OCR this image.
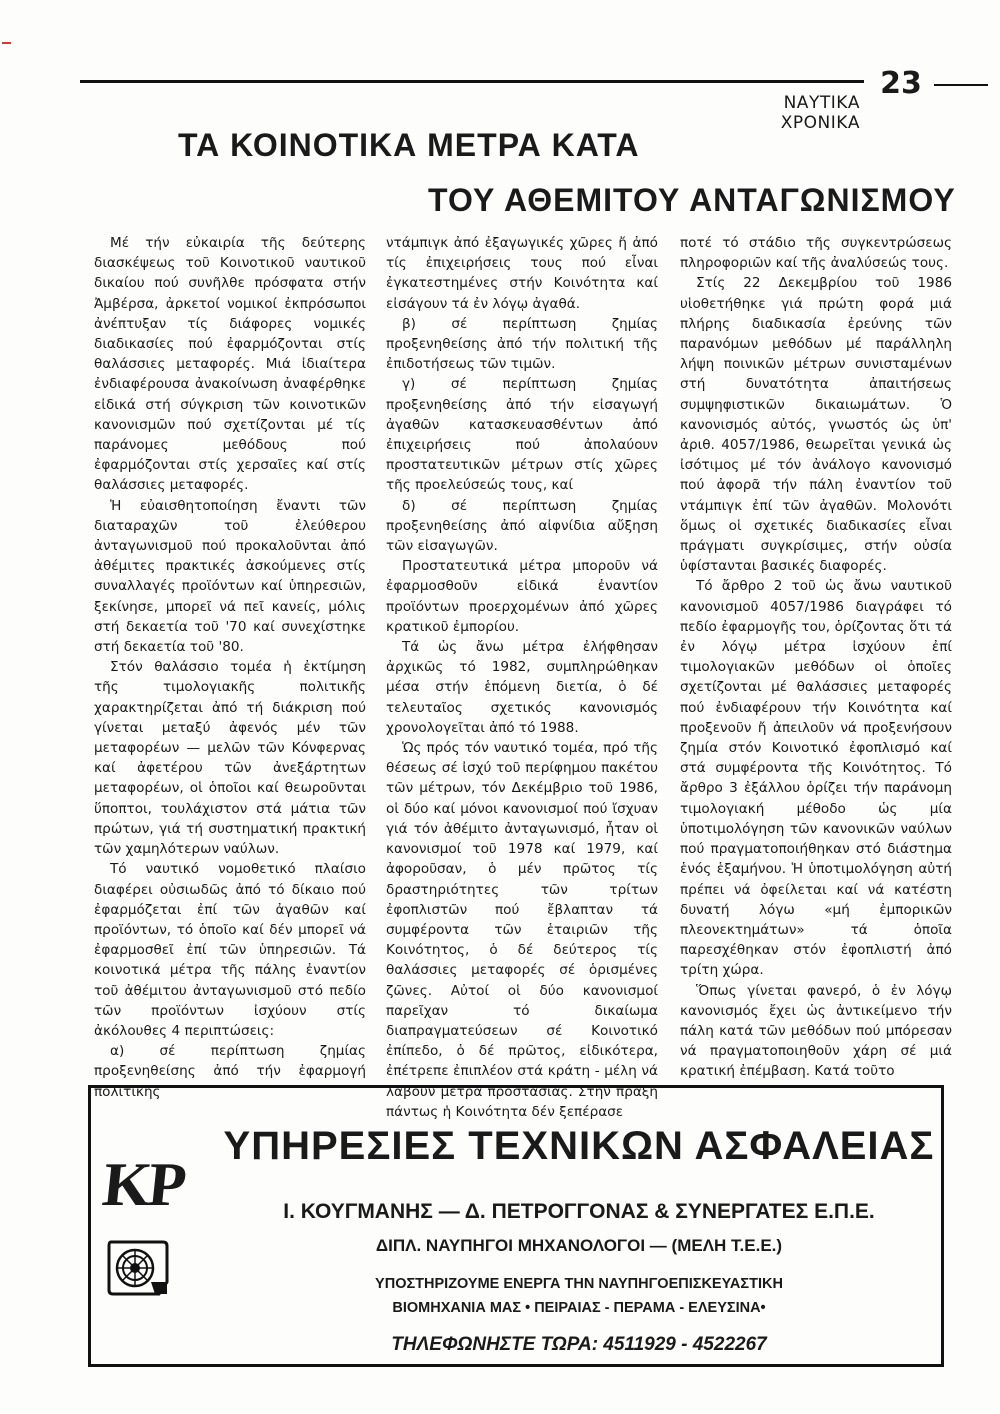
ΝΑΥΤΙΚΑ ΧΡΟΝΙΚΑ
23
ΤΑ ΚΟΙΝΟΤΙΚΑ ΜΕΤΡΑ ΚΑΤΑ
ΤΟΥ ΑΘΕΜΙΤΟΥ ΑΝΤΑΓΩΝΙΣΜΟΥ

Μέ τήν εὐκαιρία τῆς δεύτερης διασκέψεως τοῦ Κοινοτικοῦ ναυτικοῦ δικαίου πού συνῆλθε πρόσφατα στήν Ἀμβέρσα, ἀρκετοί νομικοί ἐκπρόσωποι ἀνέπτυξαν τίς διάφορες νομικές διαδικασίες πού ἐφαρμόζονται στίς θαλάσσιες μεταφορές. Μιά ἰδιαίτερα ἐνδιαφέρουσα ἀνακοίνωση ἀναφέρθηκε εἰδικά στή σύγκριση τῶν κοινοτικῶν κανονισμῶν πού σχετίζονται μέ τίς παράνομες μεθόδους πού ἐφαρμόζονται στίς χερσαῖες καί στίς θαλάσσιες μεταφορές.

Ἡ εὐαισθητοποίηση ἔναντι τῶν διαταραχῶν τοῦ ἐλεύθερου ἀνταγωνισμοῦ πού προκαλοῦνται ἀπό ἀθέμιτες πρακτικές ἀσκούμενες στίς συναλλαγές προϊόντων καί ὑπηρεσιῶν, ξεκίνησε, μπορεῖ νά πεῖ κανείς, μόλις στή δεκαετία τοῦ '70 καί συνεχίστηκε στή δεκαετία τοῦ '80.

Στόν θαλάσσιο τομέα ἡ ἐκτίμηση τῆς τιμολογιακῆς πολιτικῆς χαρακτηρίζεται ἀπό τή διάκριση πού γίνεται μεταξύ ἀφενός μέν τῶν μεταφορέων — μελῶν τῶν Κόνφερνας καί ἀφετέρου τῶν ἀνεξάρτητων μεταφορέων, οἱ ὁποῖοι καί θεωροῦνται ὕποπτοι, τουλάχιστον στά μάτια τῶν πρώτων, γιά τή συστηματική πρακτική τῶν χαμηλότερων ναύλων.

Τό ναυτικό νομοθετικό πλαίσιο διαφέρει οὐσιωδῶς ἀπό τό δίκαιο πού ἐφαρμόζεται ἐπί τῶν ἀγαθῶν καί προϊόντων, τό ὁποῖο καί δέν μπορεῖ νά ἐφαρμοσθεῖ ἐπί τῶν ὑπηρεσιῶν. Τά κοινοτικά μέτρα τῆς πάλης ἐναντίον τοῦ ἀθέμιτου ἀνταγωνισμοῦ στό πεδίο τῶν προϊόντων ἰσχύουν στίς ἀκόλουθες 4 περιπτώσεις:

α) σέ περίπτωση ζημίας προξενηθείσης ἀπό τήν ἐφαρμογή πολιτικῆς

ντάμπιγκ ἀπό ἐξαγωγικές χῶρες ἤ ἀπό τίς ἐπιχειρήσεις τους πού εἶναι ἐγκατεστημένες στήν Κοινότητα καί εἰσάγουν τά ἐν λόγῳ ἀγαθά.

β) σέ περίπτωση ζημίας προξενηθείσης ἀπό τήν πολιτική τῆς ἐπιδοτήσεως τῶν τιμῶν.

γ) σέ περίπτωση ζημίας προξενηθείσης ἀπό τήν εἰσαγωγή ἀγαθῶν κατασκευασθέντων ἀπό ἐπιχειρήσεις πού ἀπολαύουν προστατευτικῶν μέτρων στίς χῶρες τῆς προελεύσεώς τους, καί

δ) σέ περίπτωση ζημίας προξενηθείσης ἀπό αἰφνίδια αὔξηση τῶν εἰσαγωγῶν.

Προστατευτικά μέτρα μποροῦν νά ἐφαρμοσθοῦν εἰδικά ἐναντίον προϊόντων προερχομένων ἀπό χῶρες κρατικοῦ ἐμπορίου.

Τά ὡς ἄνω μέτρα ἐλήφθησαν ἀρχικῶς τό 1982, συμπληρώθηκαν μέσα στήν ἑπόμενη διετία, ὁ δέ τελευταῖος σχετικός κανονισμός χρονολογεῖται ἀπό τό 1988.

Ὡς πρός τόν ναυτικό τομέα, πρό τῆς θέσεως σέ ἰσχύ τοῦ περίφημου πακέτου τῶν μέτρων, τόν Δεκέμβριο τοῦ 1986, οἱ δύο καί μόνοι κανονισμοί πού ἴσχυαν γιά τόν ἀθέμιτο ἀνταγωνισμό, ἦταν οἱ κανονισμοί τοῦ 1978 καί 1979, καί ἀφοροῦσαν, ὁ μέν πρῶτος τίς δραστηριότητες τῶν τρίτων ἐφοπλιστῶν πού ἔβλαπταν τά συμφέροντα τῶν ἑταιριῶν τῆς Κοινότητος, ὁ δέ δεύτερος τίς θαλάσσιες μεταφορές σέ ὁρισμένες ζῶνες. Αὐτοί οἱ δύο κανονισμοί παρεῖχαν τό δικαίωμα διαπραγματεύσεων σέ Κοινοτικό ἐπίπεδο, ὁ δέ πρῶτος, εἰδικότερα, ἐπέτρεπε ἐπιπλέον στά κράτη - μέλη νά λάβουν μέτρα προστασίας. Στήν πράξη πάντως ἡ Κοινότητα δέν ξεπέρασε

ποτέ τό στάδιο τῆς συγκεντρώσεως πληροφοριῶν καί τῆς ἀναλύσεώς τους.

Στίς 22 Δεκεμβρίου τοῦ 1986 υἱοθετήθηκε γιά πρώτη φορά μιά πλήρης διαδικασία ἐρεύνης τῶν παρανόμων μεθόδων μέ παράλληλη λήψη ποινικῶν μέτρων συνισταμένων στή δυνατότητα ἀπαιτήσεως συμψηφιστικῶν δικαιωμάτων. Ὁ κανονισμός αὐτός, γνωστός ὡς ὑπ' ἀριθ. 4057/1986, θεωρεῖται γενικά ὡς ἰσότιμος μέ τόν ἀνάλογο κανονισμό πού ἀφορᾶ τήν πάλη ἐναντίον τοῦ ντάμπιγκ ἐπί τῶν ἀγαθῶν. Μολονότι ὅμως οἱ σχετικές διαδικασίες εἶναι πράγματι συγκρίσιμες, στήν οὐσία ὑφίστανται βασικές διαφορές.

Τό ἄρθρο 2 τοῦ ὡς ἄνω ναυτικοῦ κανονισμοῦ 4057/1986 διαγράφει τό πεδίο ἐφαρμογῆς του, ὁρίζοντας ὅτι τά ἐν λόγῳ μέτρα ἰσχύουν ἐπί τιμολογιακῶν μεθόδων οἱ ὁποῖες σχετίζονται μέ θαλάσσιες μεταφορές πού ἐνδιαφέρουν τήν Κοινότητα καί προξενοῦν ἤ ἀπειλοῦν νά προξενήσουν ζημία στόν Κοινοτικό ἐφοπλισμό καί στά συμφέροντα τῆς Κοινότητος. Τό ἄρθρο 3 ἐξάλλου ὁρίζει τήν παράνομη τιμολογιακή μέθοδο ὡς μία ὑποτιμολόγηση τῶν κανονικῶν ναύλων πού πραγματοποιήθηκαν στό διάστημα ἑνός ἑξαμήνου. Ἡ ὑποτιμολόγηση αὐτή πρέπει νά ὀφείλεται καί νά κατέστη δυνατή λόγω «μή ἐμπορικῶν πλεονεκτημάτων» τά ὁποῖα παρεσχέθηκαν στόν ἐφοπλιστή ἀπό τρίτη χώρα.

Ὅπως γίνεται φανερό, ὁ ἐν λόγῳ κανονισμός ἔχει ὡς ἀντικείμενο τήν πάλη κατά τῶν μεθόδων πού μπόρεσαν νά πραγματοποιηθοῦν χάρη σέ μιά κρατική ἐπέμβαση. Κατά τοῦτο

KP
ΥΠΗΡΕΣΙΕΣ ΤΕΧΝΙΚΩΝ ΑΣΦΑΛΕΙΑΣ
Ι. ΚΟΥΓΜΑΝΗΣ — Δ. ΠΕΤΡΟΓΓΟΝΑΣ & ΣΥΝΕΡΓΑΤΕΣ Ε.Π.Ε.
ΔΙΠΛ. ΝΑΥΠΗΓΟΙ ΜΗΧΑΝΟΛΟΓΟΙ — (ΜΕΛΗ Τ.Ε.Ε.)
ΥΠΟΣΤΗΡΙΖΟΥΜΕ ΕΝΕΡΓΑ ΤΗΝ ΝΑΥΠΗΓΟΕΠΙΣΚΕΥΑΣΤΙΚΗ
ΒΙΟΜΗΧΑΝΙΑ ΜΑΣ • ΠΕΙΡΑΙΑΣ - ΠΕΡΑΜΑ - ΕΛΕΥΣΙΝΑ•
ΤΗΛΕΦΩΝΗΣΤΕ ΤΩΡΑ: 4511929 - 4522267
